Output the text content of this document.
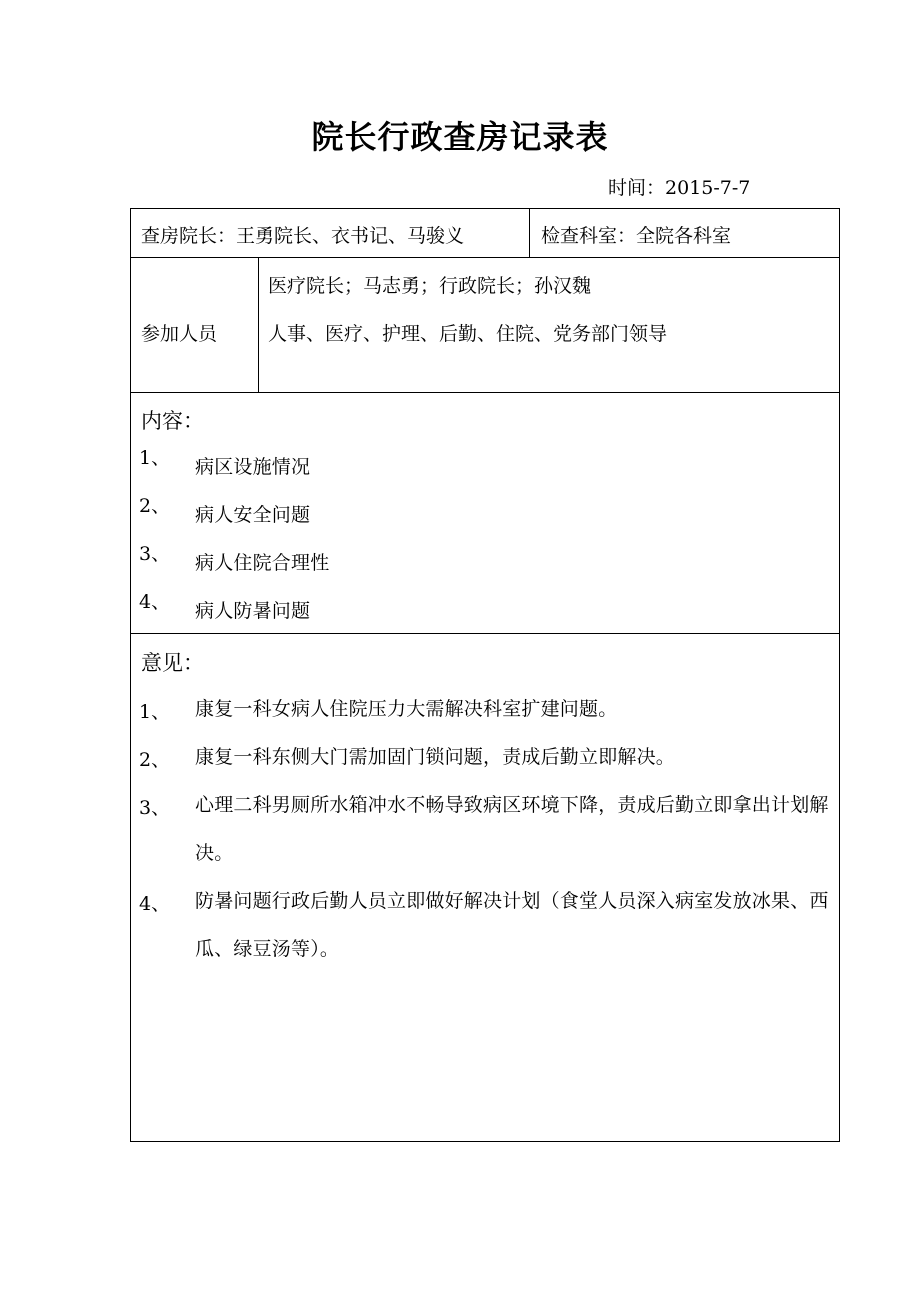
院长行政查房记录表
时间：2015-7-7
查房院长：王勇院长、衣书记、马骏义	检查科室：全院各科室
参加人员
医疗院长；马志勇；行政院长；孙汉魏
人事、医疗、护理、后勤、住院、党务部门领导
内容：
1、 病区设施情况
2、 病人安全问题
3、 病人住院合理性
4、 病人防暑问题
意见：
1、 康复一科女病人住院压力大需解决科室扩建问题。
2、 康复一科东侧大门需加固门锁问题，责成后勤立即解决。
3、 心理二科男厕所水箱冲水不畅导致病区环境下降，责成后勤立即拿出计划解决。
4、 防暑问题行政后勤人员立即做好解决计划（食堂人员深入病室发放冰果、西瓜、绿豆汤等）。
